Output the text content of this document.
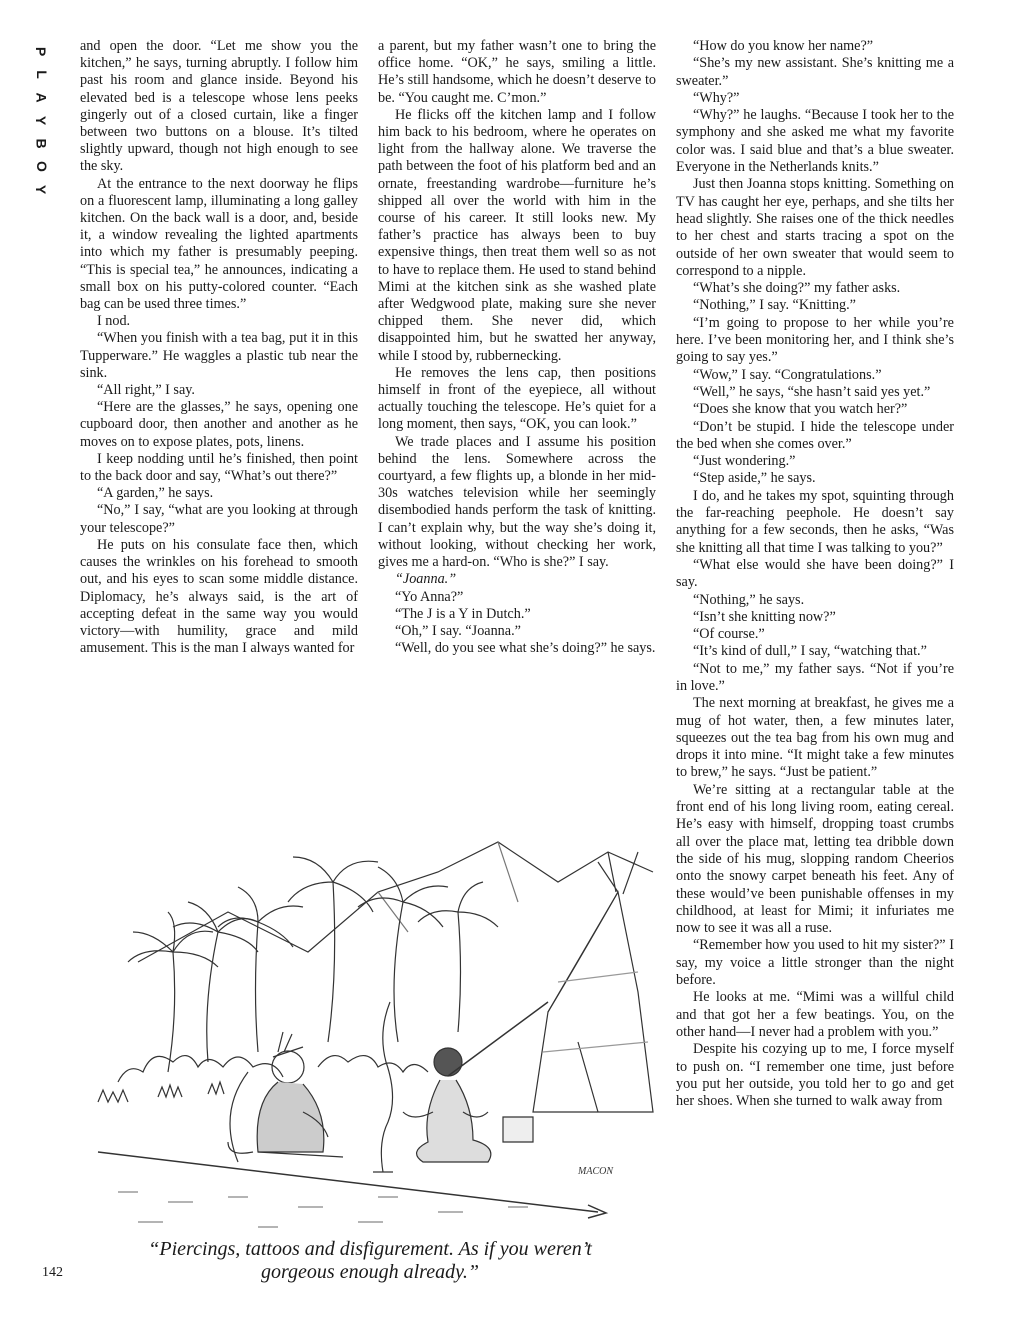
P
L
A
Y
B
O
Y

and open the door. “Let me show you the kitchen,” he says, turning abruptly. I follow him past his room and glance inside. Beyond his elevated bed is a telescope whose lens peeks gingerly out of a closed curtain, like a finger between two buttons on a blouse. It’s tilted slightly upward, though not high enough to see the sky.

At the entrance to the next doorway he flips on a fluorescent lamp, illuminating a long galley kitchen. On the back wall is a door, and, beside it, a window revealing the lighted apartments into which my father is presumably peeping. “This is special tea,” he announces, indicating a small box on his putty-colored counter. “Each bag can be used three times.”

I nod.

“When you finish with a tea bag, put it in this Tupperware.” He waggles a plastic tub near the sink.

“All right,” I say.

“Here are the glasses,” he says, opening one cupboard door, then another and another as he moves on to expose plates, pots, linens.

I keep nodding until he’s finished, then point to the back door and say, “What’s out there?”

“A garden,” he says.

“No,” I say, “what are you looking at through your telescope?”

He puts on his consulate face then, which causes the wrinkles on his forehead to smooth out, and his eyes to scan some middle distance. Diplomacy, he’s always said, is the art of accepting defeat in the same way you would victory—with humility, grace and mild amusement. This is the man I always wanted for

a parent, but my father wasn’t one to bring the office home. “OK,” he says, smiling a little. He’s still handsome, which he doesn’t deserve to be. “You caught me. C’mon.”

He flicks off the kitchen lamp and I follow him back to his bedroom, where he operates on light from the hallway alone. We traverse the path between the foot of his platform bed and an ornate, freestanding wardrobe—furniture he’s shipped all over the world with him in the course of his career. It still looks new. My father’s practice has always been to buy expensive things, then treat them well so as not to have to replace them. He used to stand behind Mimi at the kitchen sink as she washed plate after Wedgwood plate, making sure she never chipped them. She never did, which disappointed him, but he swatted her anyway, while I stood by, rubbernecking.

He removes the lens cap, then positions himself in front of the eyepiece, all without actually touching the telescope. He’s quiet for a long moment, then says, “OK, you can look.”

We trade places and I assume his position behind the lens. Somewhere across the courtyard, a few flights up, a blonde in her mid-30s watches television while her seemingly disembodied hands perform the task of knitting. I can’t explain why, but the way she’s doing it, without looking, without checking her work, gives me a hard-on. “Who is she?” I say.

“Joanna.”

“Yo Anna?”

“The J is a Y in Dutch.”

“Oh,” I say. “Joanna.”

“Well, do you see what she’s doing?” he says.

“How do you know her name?”

“She’s my new assistant. She’s knitting me a sweater.”

“Why?”

“Why?” he laughs. “Because I took her to the symphony and she asked me what my favorite color was. I said blue and that’s a blue sweater. Everyone in the Netherlands knits.”

Just then Joanna stops knitting. Something on TV has caught her eye, perhaps, and she tilts her head slightly. She raises one of the thick needles to her chest and starts tracing a spot on the outside of her own sweater that would seem to correspond to a nipple.

“What’s she doing?” my father asks.

“Nothing,” I say. “Knitting.”

“I’m going to propose to her while you’re here. I’ve been monitoring her, and I think she’s going to say yes.”

“Wow,” I say. “Congratulations.”

“Well,” he says, “she hasn’t said yes yet.”

“Does she know that you watch her?”

“Don’t be stupid. I hide the telescope under the bed when she comes over.”

“Just wondering.”

“Step aside,” he says.

I do, and he takes my spot, squinting through the far-reaching peephole. He doesn’t say anything for a few seconds, then he asks, “Was she knitting all that time I was talking to you?”

“What else would she have been doing?” I say.

“Nothing,” he says.

“Isn’t she knitting now?”

“Of course.”

“It’s kind of dull,” I say, “watching that.”

“Not to me,” my father says. “Not if you’re in love.”

The next morning at breakfast, he gives me a mug of hot water, then, a few minutes later, squeezes out the tea bag from his own mug and drops it into mine. “It might take a few minutes to brew,” he says. “Just be patient.”

We’re sitting at a rectangular table at the front end of his long living room, eating cereal. He’s easy with himself, dropping toast crumbs all over the place mat, letting tea dribble down the side of his mug, slopping random Cheerios onto the snowy carpet beneath his feet. Any of these would’ve been punishable offenses in my childhood, at least for Mimi; it infuriates me now to see it was all a ruse.

“Remember how you used to hit my sister?” I say, my voice a little stronger than the night before.

He looks at me. “Mimi was a willful child and that got her a few beatings. You, on the other hand—I never had a problem with you.”

Despite his cozying up to me, I force myself to push on. “I remember one time, just before you put her outside, you told her to go and get her shoes. When she turned to walk away from

MACON
“Piercings, tattoos and disfigurement. As if you weren’t gorgeous enough already.”
142
